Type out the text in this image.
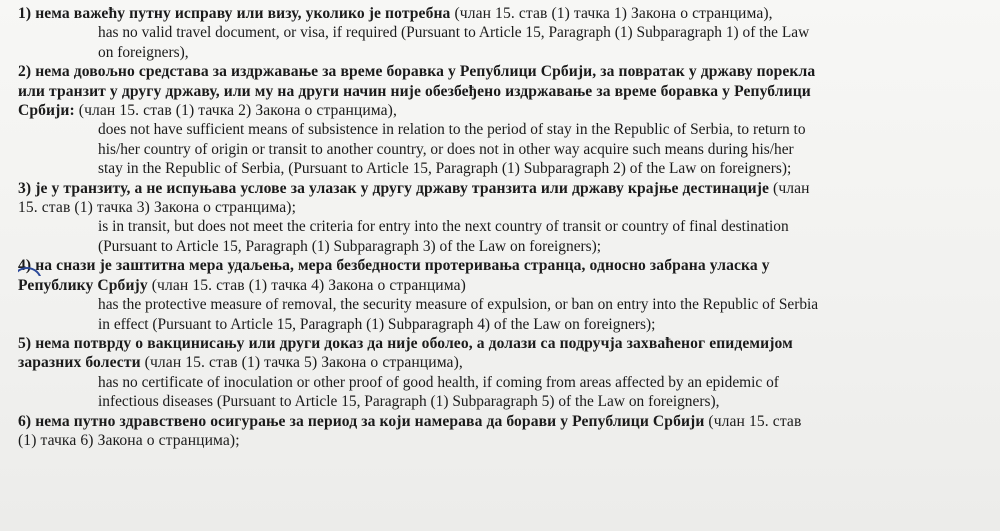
1) нема важећу путну исправу или визу, уколико је потребна (члан 15. став (1) тачка 1) Закона о странцима),
has no valid travel document, or visa, if required (Pursuant to Article 15, Paragraph (1) Subparagraph 1) of the Law
on foreigners),
2) нема довољно средстава за издржавање за време боравка у Републици Србији, за повратак у државу порекла
или транзит у другу државу, или му на други начин није обезбеђено издржавање за време боравка у Републици
Србији: (члан 15. став (1) тачка 2) Закона о странцима),
does not have sufficient means of subsistence in relation to the period of stay in the Republic of Serbia, to return to
his/her country of origin or transit to another country, or does not in other way acquire such means during his/her
stay in the Republic of Serbia, (Pursuant to Article 15, Paragraph (1) Subparagraph 2) of the Law on foreigners);
3) је у транзиту, а не испуњава услове за улазак у другу државу транзита или државу крајње дестинације (члан
15. став (1) тачка 3) Закона о странцима);
is in transit, but does not meet the criteria for entry into the next country of transit or country of final destination
(Pursuant to Article 15, Paragraph (1) Subparagraph 3) of the Law on foreigners);
4) на снази је заштитна мера удаљења, мера безбедности протеривања странца, односно забрана уласка у
Републику Србију (члан 15. став (1) тачка 4) Закона о странцима)
has the protective measure of removal, the security measure of expulsion, or ban on entry into the Republic of Serbia
in effect (Pursuant to Article 15, Paragraph (1) Subparagraph 4) of the Law on foreigners);
5) нема потврду о вакцинисању или други доказ да није оболео, а долази са подручја захваћеног епидемијом
заразних болести (члан 15. став (1) тачка 5) Закона о странцима),
has no certificate of inoculation or other proof of good health, if coming from areas affected by an epidemic of
infectious diseases (Pursuant to Article 15, Paragraph (1) Subparagraph 5) of the Law on foreigners),
6) нема путно здравствено осигурање за период за који намерава да борави у Републици Србији (члан 15. став
(1) тачка 6) Закона о странцима);
